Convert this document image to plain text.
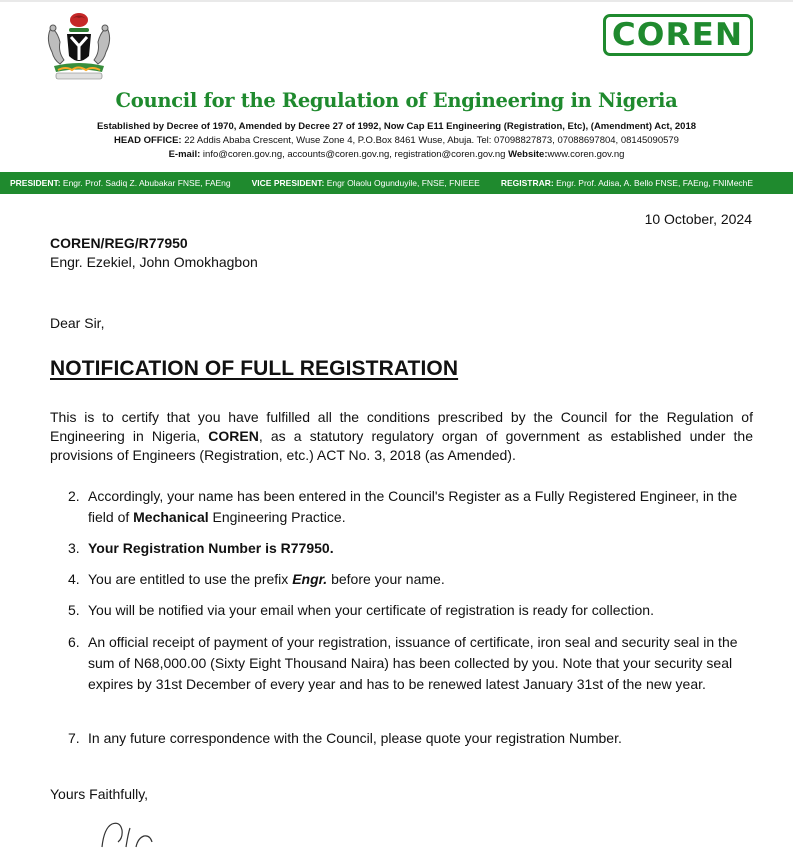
COREN
Council for the Regulation of Engineering in Nigeria
Established by Decree of 1970, Amended by Decree 27 of 1992, Now Cap E11 Engineering (Registration, Etc), (Amendment) Act, 2018
HEAD OFFICE: 22 Addis Ababa Crescent, Wuse Zone 4, P.O.Box 8461 Wuse, Abuja. Tel: 07098827873, 07088697804, 08145090579
E-mail: info@coren.gov.ng, accounts@coren.gov.ng, registration@coren.gov.ng Website:www.coren.gov.ng
PRESIDENT: Engr. Prof. Sadiq Z. Abubakar FNSE, FAEng VICE PRESIDENT: Engr Olaolu Ogunduyile, FNSE, FNIEEE REGISTRAR: Engr. Prof. Adisa, A. Bello FNSE, FAEng, FNIMechE
10 October, 2024
COREN/REG/R77950
Engr. Ezekiel, John Omokhagbon
Dear Sir,
NOTIFICATION OF FULL REGISTRATION
This is to certify that you have fulfilled all the conditions prescribed by the Council for the Regulation of Engineering in Nigeria, COREN, as a statutory regulatory organ of government as established under the provisions of Engineers (Registration, etc.) ACT No. 3, 2018 (as Amended).
2. Accordingly, your name has been entered in the Council's Register as a Fully Registered Engineer, in the field of Mechanical Engineering Practice.
3. Your Registration Number is R77950.
4. You are entitled to use the prefix Engr. before your name.
5. You will be notified via your email when your certificate of registration is ready for collection.
6. An official receipt of payment of your registration, issuance of certificate, iron seal and security seal in the sum of N68,000.00 (Sixty Eight Thousand Naira) has been collected by you. Note that your security seal expires by 31st December of every year and has to be renewed latest January 31st of the new year.
7. In any future correspondence with the Council, please quote your registration Number.
Yours Faithfully,
